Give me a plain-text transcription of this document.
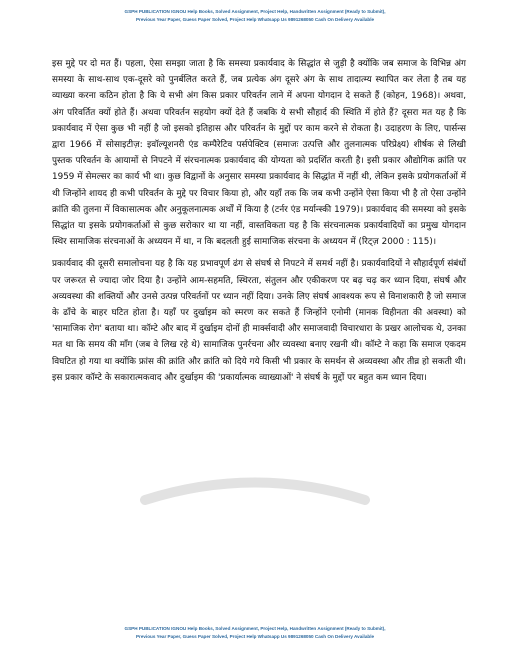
GSPH PUBLICATION IGNOU Help Books, Solved Assignment, Project Help, Handwritten Assignment (Ready to Submit),
Previous Year Paper, Guess Paper Solved, Project Help Whatsapp Us 9891268050 Cash On Delivery Available

इस मुद्दे पर दो मत हैं। पहला, ऐसा समझा जाता है कि समस्या प्रकार्यवाद के सिद्धांत से जुड़ी है क्योंकि जब समाज के विभिन्न अंग समस्या के साथ-साथ एक-दूसरे को पुनर्बलित करते हैं, जब प्रत्येक अंग दूसरे अंग के साथ तादात्म्य स्थापित कर लेता है तब यह व्याख्या करना कठिन होता है कि ये सभी अंग किस प्रकार परिवर्तन लाने में अपना योगदान दे सकते हैं (कोहन, 1968)। अथवा, अंग परिवर्तित क्यों होते हैं। अथवा परिवर्तन सहयोग क्यों देते हैं जबकि ये सभी सौहार्द की स्थिति में होते हैं? दूसरा मत यह है कि प्रकार्यवाद में ऐसा कुछ भी नहीं है जो इसको इतिहास और परिवर्तन के मुद्दों पर काम करने से रोकता है। उदाहरण के लिए, पार्सन्स द्वारा 1966 में सोसाइटीज़: इवॉल्यूशनरी एंड कम्पैरेटिव पर्सपेक्टिव (समाजः उत्पत्ति और तुलनात्मक परिप्रेक्ष्य) शीर्षक से लिखी पुस्तक परिवर्तन के आयामों से निपटने में संरचनात्मक प्रकार्यवाद की योग्यता को प्रदर्शित करती है। इसी प्रकार औद्योगिक क्रांति पर 1959 में सेमल्सर का कार्य भी था। कुछ विद्वानों के अनुसार समस्या प्रकार्यवाद के सिद्धांत में नहीं थी, लेकिन इसके प्रयोगकर्ताओं में थी जिन्होंने शायद ही कभी परिवर्तन के मुद्दे पर विचार किया हो, और यहाँ तक कि जब कभी उन्होंने ऐसा किया भी है तो ऐसा उन्होंने क्रांति की तुलना में विकासात्मक और अनुकूलनात्मक अर्थों में किया है (टर्नर एंड मर्यान्स्की 1979)। प्रकार्यवाद की समस्या को इसके सिद्धांत या इसके प्रयोगकर्ताओं से कुछ सरोकार था या नहीं, वास्तविकता यह है कि संरचनात्मक प्रकार्यवादियों का प्रमुख योगदान स्थिर सामाजिक संरचनाओं के अध्ययन में था, न कि बदलती हुई सामाजिक संरचना के अध्ययन में (रिट्ज़ 2000 : 115)।

प्रकार्यवाद की दूसरी समालोचना यह है कि यह प्रभावपूर्ण ढंग से संघर्ष से निपटने में समर्थ नहीं है। प्रकार्यवादियों ने सौहार्दपूर्ण संबंधों पर जरूरत से ज्यादा जोर दिया है। उन्होंने आम-सहमति, स्थिरता, संतुलन और एकीकरण पर बढ़ चढ़ कर ध्यान दिया, संघर्ष और अव्यवस्था की शक्तियों और उनसे उत्पन्न परिवर्तनों पर ध्यान नहीं दिया। उनके लिए संघर्ष आवश्यक रूप से विनाशकारी है जो समाज के ढाँचे के बाहर घटित होता है। यहाँ पर दुर्खाइम को स्मरण कर सकते हैं जिन्होंने एनोमी (मानक विहीनता की अवस्था) को 'सामाजिक रोग' बताया था। कॉम्टे और बाद में दुर्खाइम दोनों ही मार्क्सवादी और समाजवादी विचारधारा के प्रखर आलोचक थे, उनका मत था कि समय की माँग (जब वे लिख रहे थे) सामाजिक पुनर्रचना और व्यवस्था बनाए रखनी थी। कॉम्टे ने कहा कि समाज एकदम विघटित हो गया था क्योंकि फ्रांस की क्रांति और क्रांति को दिये गये किसी भी प्रकार के समर्थन से अव्यवस्था और तीव्र हो सकती थी। इस प्रकार कॉम्टे के सकारात्मकवाद और दुर्खाइम की 'प्रकार्यात्मक व्याख्याओं' ने संघर्ष के मुद्दों पर बहुत कम ध्यान दिया।

GSPH PUBLICATION IGNOU Help Books, Solved Assignment, Project Help, Handwritten Assignment (Ready to Submit),
Previous Year Paper, Guess Paper Solved, Project Help Whatsapp Us 9891268050 Cash On Delivery Available
